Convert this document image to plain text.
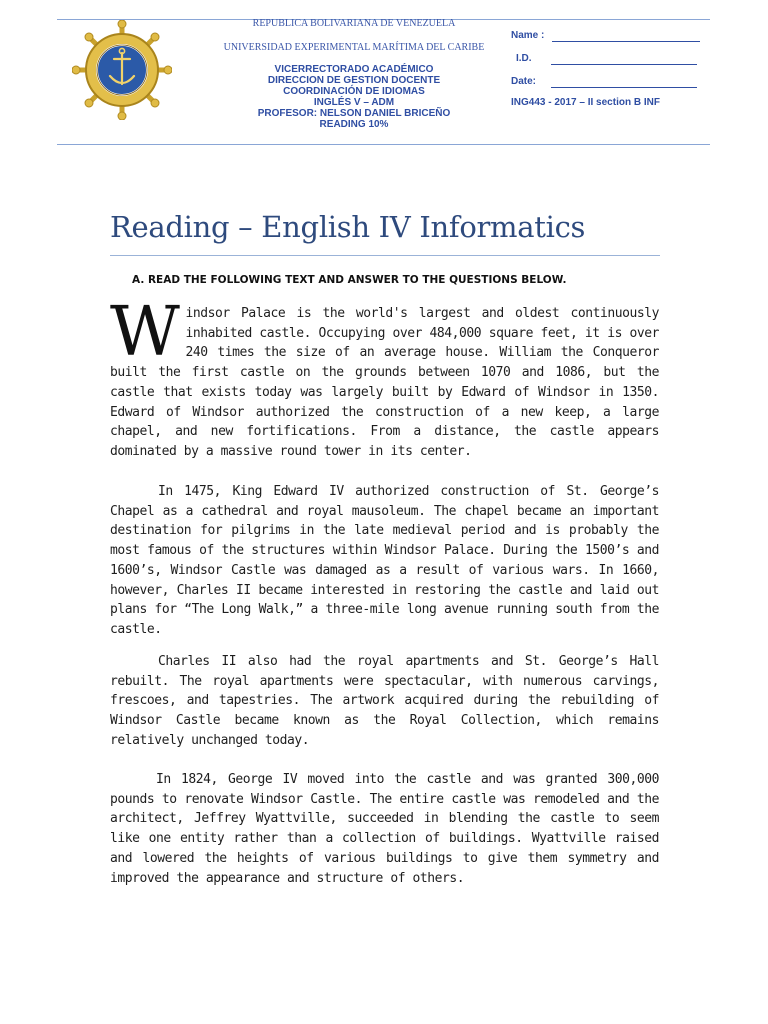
REPUBLICA BOLIVARIANA DE VENEZUELA
UNIVERSIDAD EXPERIMENTAL MARÍTIMA DEL CARIBE
VICERRECTORADO ACADÉMICO
DIRECCION DE GESTION DOCENTE
COORDINACIÓN DE IDIOMAS
INGLÉS V – ADM
PROFESOR: NELSON DANIEL BRICEÑO
READING 10%
Name :
I.D.
Date:
ING443 - 2017 – II section B INF
Reading – English IV Informatics
A. READ THE FOLLOWING TEXT AND ANSWER TO THE QUESTIONS BELOW.
Windsor Palace is the world's largest and oldest continuously inhabited castle. Occupying over 484,000 square feet, it is over 240 times the size of an average house. William the Conqueror built the first castle on the grounds between 1070 and 1086, but the castle that exists today was largely built by Edward of Windsor in 1350. Edward of Windsor authorized the construction of a new keep, a large chapel, and new fortifications. From a distance, the castle appears dominated by a massive round tower in its center.
In 1475, King Edward IV authorized construction of St. George’s Chapel as a cathedral and royal mausoleum. The chapel became an important destination for pilgrims in the late medieval period and is probably the most famous of the structures within Windsor Palace. During the 1500’s and 1600’s, Windsor Castle was damaged as a result of various wars. In 1660, however, Charles II became interested in restoring the castle and laid out plans for “The Long Walk,” a three-mile long avenue running south from the castle.
Charles II also had the royal apartments and St. George’s Hall rebuilt. The royal apartments were spectacular, with numerous carvings, frescoes, and tapestries. The artwork acquired during the rebuilding of Windsor Castle became known as the Royal Collection, which remains relatively unchanged today.
In 1824, George IV moved into the castle and was granted 300,000 pounds to renovate Windsor Castle. The entire castle was remodeled and the architect, Jeffrey Wyattville, succeeded in blending the castle to seem like one entity rather than a collection of buildings. Wyattville raised and lowered the heights of various buildings to give them symmetry and improved the appearance and structure of others.
